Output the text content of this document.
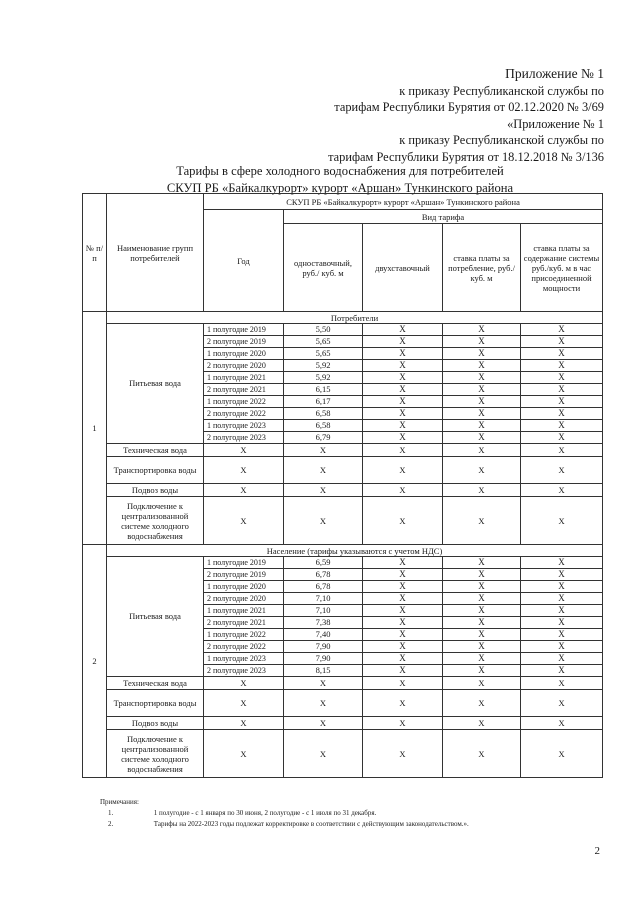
Приложение № 1
к приказу Республиканской службы по
тарифам Республики Бурятия от 02.12.2020 № 3/69
«Приложение № 1
к приказу Республиканской службы по
тарифам Республики Бурятия от 18.12.2018 № 3/136
Тарифы в сфере холодного водоснабжения для потребителей
СКУП РБ «Байкалкурорт» курорт «Аршан» Тункинского района
№ п/п	Наименование групп потребителей	СКУП РБ «Байкалкурорт» курорт «Аршан» Тункинского района				
		Год	Вид тарифа			
			одноставочный, руб./ куб. м	двухставочный	ставка платы за потребление, руб./ куб. м	ставка платы за содержание системы руб./куб. м в час присоединенной мощности
1	Потребители					
	Питьевая вода	1 полугодие 2019	5,50	X	X	X
		2 полугодие 2019	5,65	X	X	X
		1 полугодие 2020	5,65	X	X	X
		2 полугодие 2020	5,92	X	X	X
		1 полугодие 2021	5,92	X	X	X
		2 полугодие 2021	6,15	X	X	X
		1 полугодие 2022	6,17	X	X	X
		2 полугодие 2022	6,58	X	X	X
		1 полугодие 2023	6,58	X	X	X
		2 полугодие 2023	6,79	X	X	X
	Техническая вода	X	X	X	X	X
	Транспортировка воды	X	X	X	X	X
	Подвоз воды	X	X	X	X	X
	Подключение к централизованной системе холодного водоснабжения	X	X	X	X	X
2	Население (тарифы указываются с учетом НДС)					
	Питьевая вода	1 полугодие 2019	6,59	X	X	X
		2 полугодие 2019	6,78	X	X	X
		1 полугодие 2020	6,78	X	X	X
		2 полугодие 2020	7,10	X	X	X
		1 полугодие 2021	7,10	X	X	X
		2 полугодие 2021	7,38	X	X	X
		1 полугодие 2022	7,40	X	X	X
		2 полугодие 2022	7,90	X	X	X
		1 полугодие 2023	7,90	X	X	X
		2 полугодие 2023	8,15	X	X	X
	Техническая вода	X	X	X	X	X
	Транспортировка воды	X	X	X	X	X
	Подвоз воды	X	X	X	X	X
	Подключение к централизованной системе холодного водоснабжения	X	X	X	X	X
Примечания:
1.	1 полугодие - с 1 января по 30 июня, 2 полугодие - с 1 июля по 31 декабря.
2.	Тарифы на 2022-2023 годы подлежат корректировке в соответствии с действующим законодательством.».
2
